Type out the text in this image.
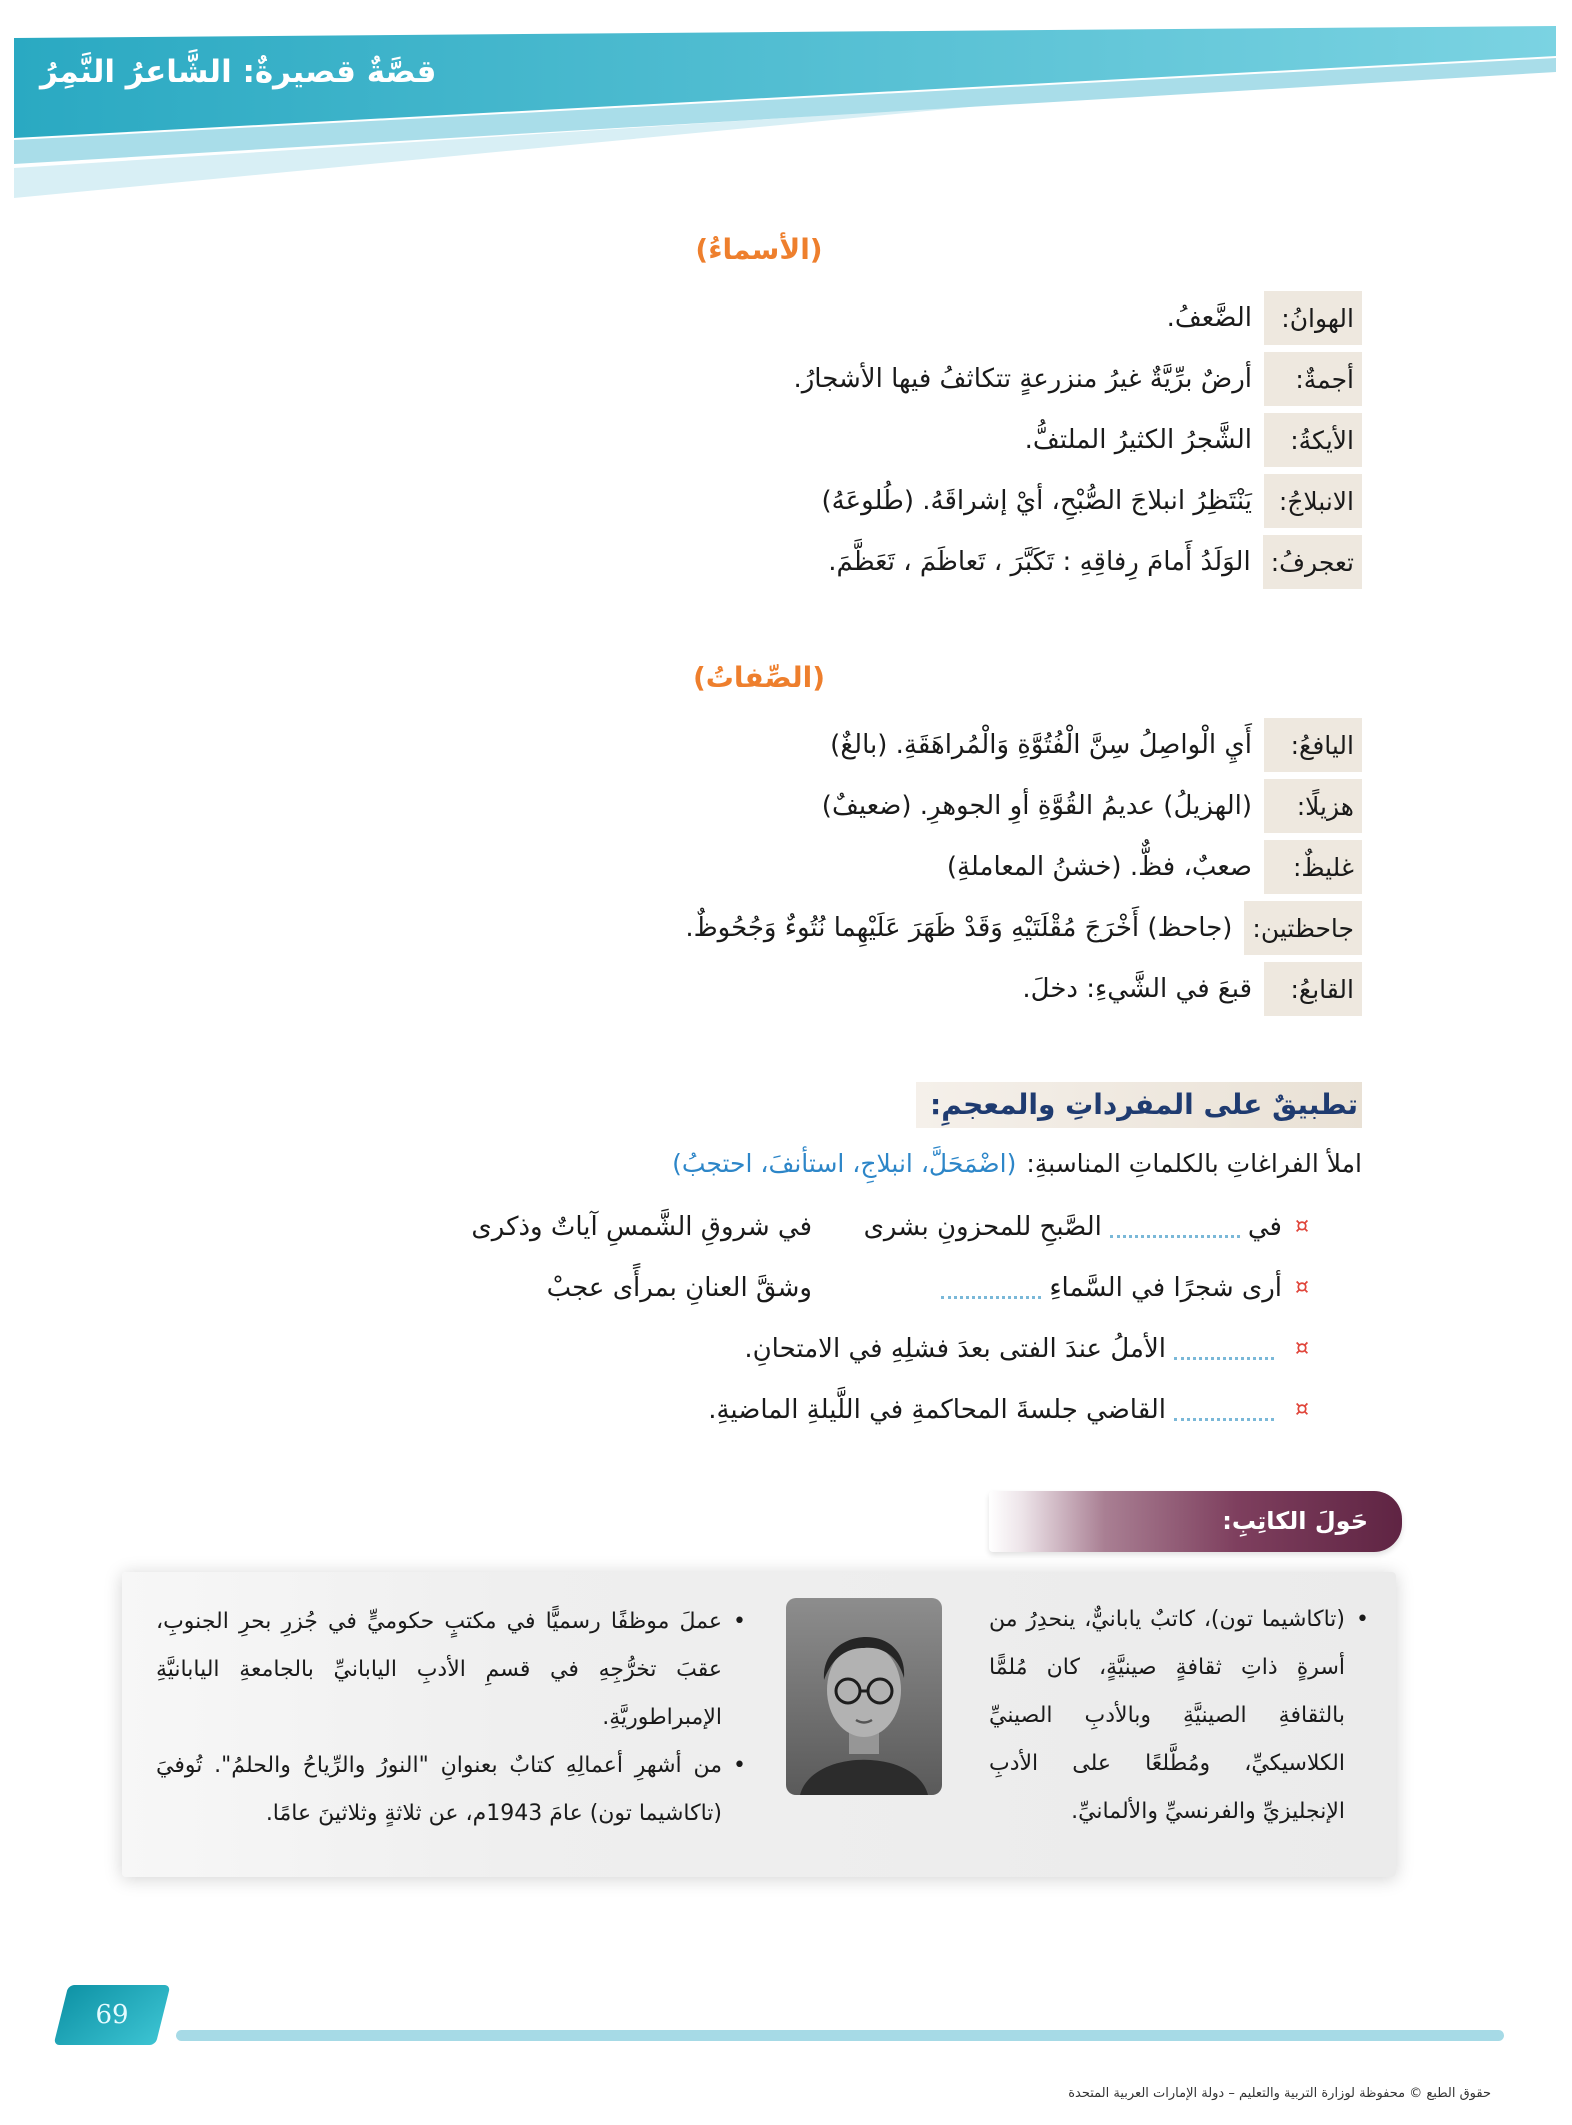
قصَّةٌ قصيرةٌ: الشَّاعرُ النَّمِرُ
(الأسماءُ)
الهوانُ:
الضَّعفُ.
أجمةٌ:
أرضٌ برِّيَّةٌ غيرُ منزرعةٍ تتكاثفُ فيها الأشجارُ.
الأيكةُ:
الشَّجرُ الكثيرُ الملتفُّ.
الانبلاجُ:
يَنْتَظِرُ انبلاجَ الصُّبْحِ، أيْ إشراقَهُ. (طُلوعَهُ)
تعجرفُ:
الوَلَدُ أَمامَ رِفاقِهِ : تَكَبَّرَ ، تَعاظَمَ ، تَعَظَّمَ.
(الصِّفاتُ)
اليافعُ:
أَيِ الْواصِلُ سِنَّ الْفُتُوَّةِ وَالْمُراهَقَةِ. (بالغٌ)
هزيلًا:
(الهزيلُ) عديمُ القُوَّةِ أوِ الجوهرِ. (ضعيفٌ)
غليظٌ:
صعبٌ، فظٌّ. (خشنُ المعاملةِ)
جاحظتين:
(جاحظ) أَخْرَجَ مُقْلَتَيْهِ وَقَدْ ظَهَرَ عَلَيْهِما نُتُوءٌ وَجُحُوظٌ.
القابعُ:
قبعَ في الشَّيءِ: دخلَ.
تطبيقٌ على المفرداتِ والمعجمِ:
املأ الفراغاتِ بالكلماتِ المناسبةِ:(اضْمَحَلَّ، انبلاجِ، استأنفَ، احتجبُ)
¤
في
الصَّبحِ للمحزونِ بشرى
في شروقِ الشَّمسِ آياتٌ وذكرى
¤
أرى شجرًا في السَّماءِ
وشقَّ العنانِ بمرأًى عجبْ
¤
الأملُ عندَ الفتى بعدَ فشلِهِ في الامتحانِ.
¤
القاضي جلسةَ المحاكمةِ في اللَّيلةِ الماضيةِ.
•
(تاكاشيما تون)، كاتبٌ يابانيٌّ، ينحدِرُ من أسرةٍ ذاتِ ثقافةٍ صينيَّةٍ، كان مُلمًّا بالثقافةِ الصينيَّةِ وبالأدبِ الصينيِّ الكلاسيكيِّ، ومُطَّلعًا على الأدبِ الإنجليزيِّ والفرنسيِّ والألمانيِّ.
•
عملَ موظفًا رسميًّا في مكتبٍ حكوميٍّ في جُزرِ بحرِ الجنوبِ، عقبَ تخرُّجِهِ في قسمِ الأدبِ اليابانيِّ بالجامعةِ اليابانيَّةِ الإمبراطوريَّةِ.
•
من أشهرِ أعمالِهِ كتابٌ بعنوانِ "النورُ والرِّياحُ والحلمُ". تُوفيَ (تاكاشيما تون) عامَ 1943م، عن ثلاثةٍ وثلاثينَ عامًا.
حَولَ الكاتِبِ:
69
حقوق الطبع © محفوظة لوزارة التربية والتعليم – دولة الإمارات العربية المتحدة
